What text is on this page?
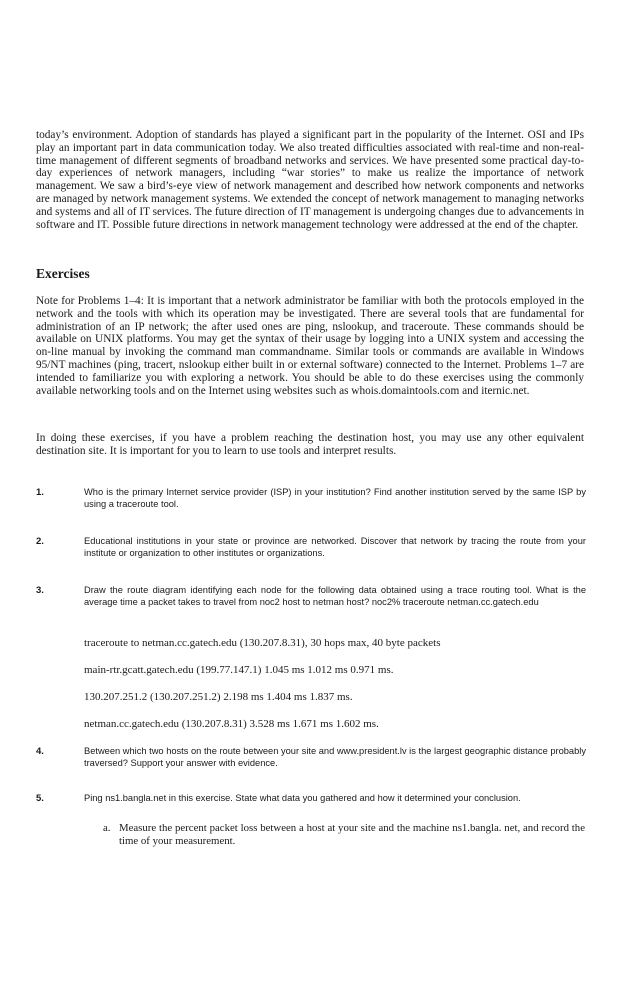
today’s environment. Adoption of standards has played a significant part in the popularity of the Internet. OSI and IPs play an important part in data communication today. We also treated difficulties associated with real-time and non-real-time management of different segments of broadband networks and services. We have presented some practical day-to-day experiences of network managers, including “war stories” to make us realize the importance of network management. We saw a bird’s-eye view of network management and described how network components and networks are managed by network management systems. We extended the concept of network management to managing networks and systems and all of IT services. The future direction of IT management is undergoing changes due to advancements in software and IT. Possible future directions in network management technology were addressed at the end of the chapter.

Exercises

Note for Problems 1–4: It is important that a network administrator be familiar with both the protocols employed in the network and the tools with which its operation may be investigated. There are several tools that are fundamental for administration of an IP network; the after used ones are ping, nslookup, and traceroute. These commands should be available on UNIX platforms. You may get the syntax of their usage by logging into a UNIX system and accessing the on-line manual by invoking the command man commandname. Similar tools or commands are available in Windows 95/NT machines (ping, tracert, nslookup either built in or external software) connected to the Internet. Problems 1–7 are intended to familiarize you with exploring a network. You should be able to do these exercises using the commonly available networking tools and on the Internet using websites such as whois.domaintools.com and iternic.net.

In doing these exercises, if you have a problem reaching the destination host, you may use any other equivalent destination site. It is important for you to learn to use tools and interpret results.

1.	Who is the primary Internet service provider (ISP) in your institution? Find another institution served by the same ISP by using a traceroute tool.

2.	Educational institutions in your state or province are networked. Discover that network by tracing the route from your institute or organization to other institutes or organizations.

3.	Draw the route diagram identifying each node for the following data obtained using a trace routing tool. What is the average time a packet takes to travel from noc2 host to netman host? noc2% traceroute netman.cc.gatech.edu

traceroute to netman.cc.gatech.edu (130.207.8.31), 30 hops max, 40 byte packets
main-rtr.gcatt.gatech.edu (199.77.147.1) 1.045 ms 1.012 ms 0.971 ms.
130.207.251.2 (130.207.251.2) 2.198 ms 1.404 ms 1.837 ms.
netman.cc.gatech.edu (130.207.8.31) 3.528 ms 1.671 ms 1.602 ms.
4.	Between which two hosts on the route between your site and www.president.lv is the largest geographic distance probably traversed? Support your answer with evidence.

5.	Ping ns1.bangla.net in this exercise. State what data you gathered and how it determined your conclusion.

a. Measure the percent packet loss between a host at your site and the machine ns1.bangla. net, and record the time of your measurement.
